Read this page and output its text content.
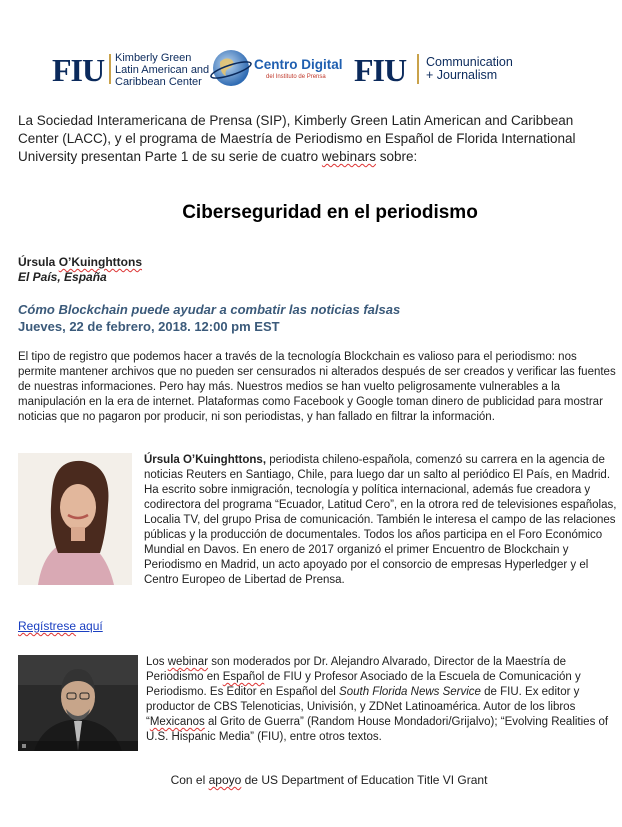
FIU Kimberly Green
Latin American and
Caribbean Center
Centro Digital
del Instituto de Prensa FIU Communication
+ Journalism
La Sociedad Interamericana de Prensa (SIP), Kimberly Green Latin American and Caribbean Center (LACC), y el programa de Maestría de Periodismo en Español de Florida International University presentan Parte 1 de su serie de cuatro webinars sobre:
Ciberseguridad en el periodismo
Úrsula O’Kuinghttons
El País, España
Cómo Blockchain puede ayudar a combatir las noticias falsas
Jueves, 22 de febrero, 2018. 12:00 pm EST
El tipo de registro que podemos hacer a través de la tecnología Blockchain es valioso para el periodismo: nos permite mantener archivos que no pueden ser censurados ni alterados después de ser creados y verificar las fuentes de nuestras informaciones. Pero hay más. Nuestros medios se han vuelto peligrosamente vulnerables a la manipulación en la era de internet. Plataformas como Facebook y Google toman dinero de publicidad para mostrar noticias que no pagaron por producir, ni son periodistas, y han fallado en filtrar la información.
Úrsula O’Kuinghttons, periodista chileno-española, comenzó su carrera en la agencia de noticias Reuters en Santiago, Chile, para luego dar un salto al periódico El País, en Madrid. Ha escrito sobre inmigración, tecnología y política internacional, además fue creadora y codirectora del programa “Ecuador, Latitud Cero”, en la otrora red de televisiones españolas, Localia TV, del grupo Prisa de comunicación. También le interesa el campo de las relaciones públicas y la producción de documentales. Todos los años participa en el Foro Económico Mundial en Davos. En enero de 2017 organizó el primer Encuentro de Blockchain y Periodismo en Madrid, un acto apoyado por el consorcio de empresas Hyperledger y el Centro Europeo de Libertad de Prensa.
Regístrese aquí
Los webinar son moderados por Dr. Alejandro Alvarado, Director de la Maestría de Periodismo en Español de FIU y Profesor Asociado de la Escuela de Comunicación y Periodismo. Es Editor en Español del South Florida News Service de FIU. Ex editor y productor de CBS Telenoticias, Univisión, y ZDNet Latinoamérica. Autor de los libros “Mexicanos al Grito de Guerra” (Random House Mondadori/Grijalvo); “Evolving Realities of U.S. Hispanic Media” (FIU), entre otros textos.
Con el apoyo de US Department of Education Title VI Grant
